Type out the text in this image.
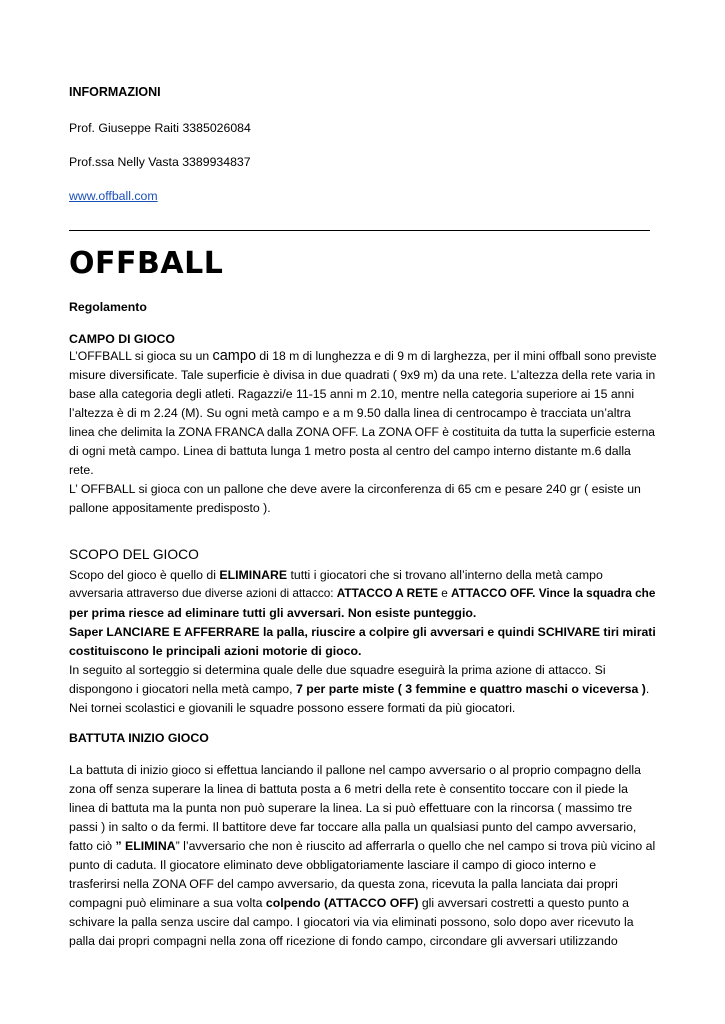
INFORMAZIONI
Prof. Giuseppe Raiti 3385026084
Prof.ssa Nelly Vasta 3389934837
www.offball.com
OFFBALL
Regolamento
CAMPO DI GIOCO
L’OFFBALL si gioca su un campo di 18 m di lunghezza e di 9 m di larghezza, per il mini offball sono previste
misure diversificate. Tale superficie è divisa in due quadrati ( 9x9 m) da una rete. L’altezza della rete varia in
base alla categoria degli atleti. Ragazzi/e 11-15 anni m 2.10, mentre nella categoria superiore ai 15 anni
l’altezza è di m 2.24 (M). Su ogni metà campo e a m 9.50 dalla linea di centrocampo è tracciata un’altra
linea che delimita la ZONA FRANCA dalla ZONA OFF. La ZONA OFF è costituita da tutta la superficie esterna
di ogni metà campo. Linea di battuta lunga 1 metro posta al centro del campo interno distante m.6 dalla
rete.
L’ OFFBALL si gioca con un pallone che deve avere la circonferenza di 65 cm e pesare 240 gr ( esiste un
pallone appositamente predisposto ).
SCOPO DEL GIOCO
Scopo del gioco è quello di ELIMINARE tutti i giocatori che si trovano all’interno della metà campo
avversaria attraverso due diverse azioni di attacco: ATTACCO A RETE e ATTACCO OFF. Vince la squadra che
per prima riesce ad eliminare tutti gli avversari. Non esiste punteggio.
Saper LANCIARE E AFFERRARE la palla, riuscire a colpire gli avversari e quindi SCHIVARE tiri mirati
costituiscono le principali azioni motorie di gioco.
In seguito al sorteggio si determina quale delle due squadre eseguirà la prima azione di attacco. Si
dispongono i giocatori nella metà campo, 7 per parte miste ( 3 femmine e quattro maschi o viceversa ).
Nei tornei scolastici e giovanili le squadre possono essere formati da più giocatori.
BATTUTA INIZIO GIOCO
La battuta di inizio gioco si effettua lanciando il pallone nel campo avversario o al proprio compagno della
zona off senza superare la linea di battuta posta a 6 metri della rete è consentito toccare con il piede la
linea di battuta ma la punta non può superare la linea. La si può effettuare con la rincorsa ( massimo tre
passi ) in salto o da fermi. Il battitore deve far toccare alla palla un qualsiasi punto del campo avversario,
fatto ciò ” ELIMINA” l’avversario che non è riuscito ad afferrarla o quello che nel campo si trova più vicino al
punto di caduta. Il giocatore eliminato deve obbligatoriamente lasciare il campo di gioco interno e
trasferirsi nella ZONA OFF del campo avversario, da questa zona, ricevuta la palla lanciata dai propri
compagni può eliminare a sua volta colpendo (ATTACCO OFF) gli avversari costretti a questo punto a
schivare la palla senza uscire dal campo. I giocatori via via eliminati possono, solo dopo aver ricevuto la
palla dai propri compagni nella zona off ricezione di fondo campo, circondare gli avversari utilizzando
